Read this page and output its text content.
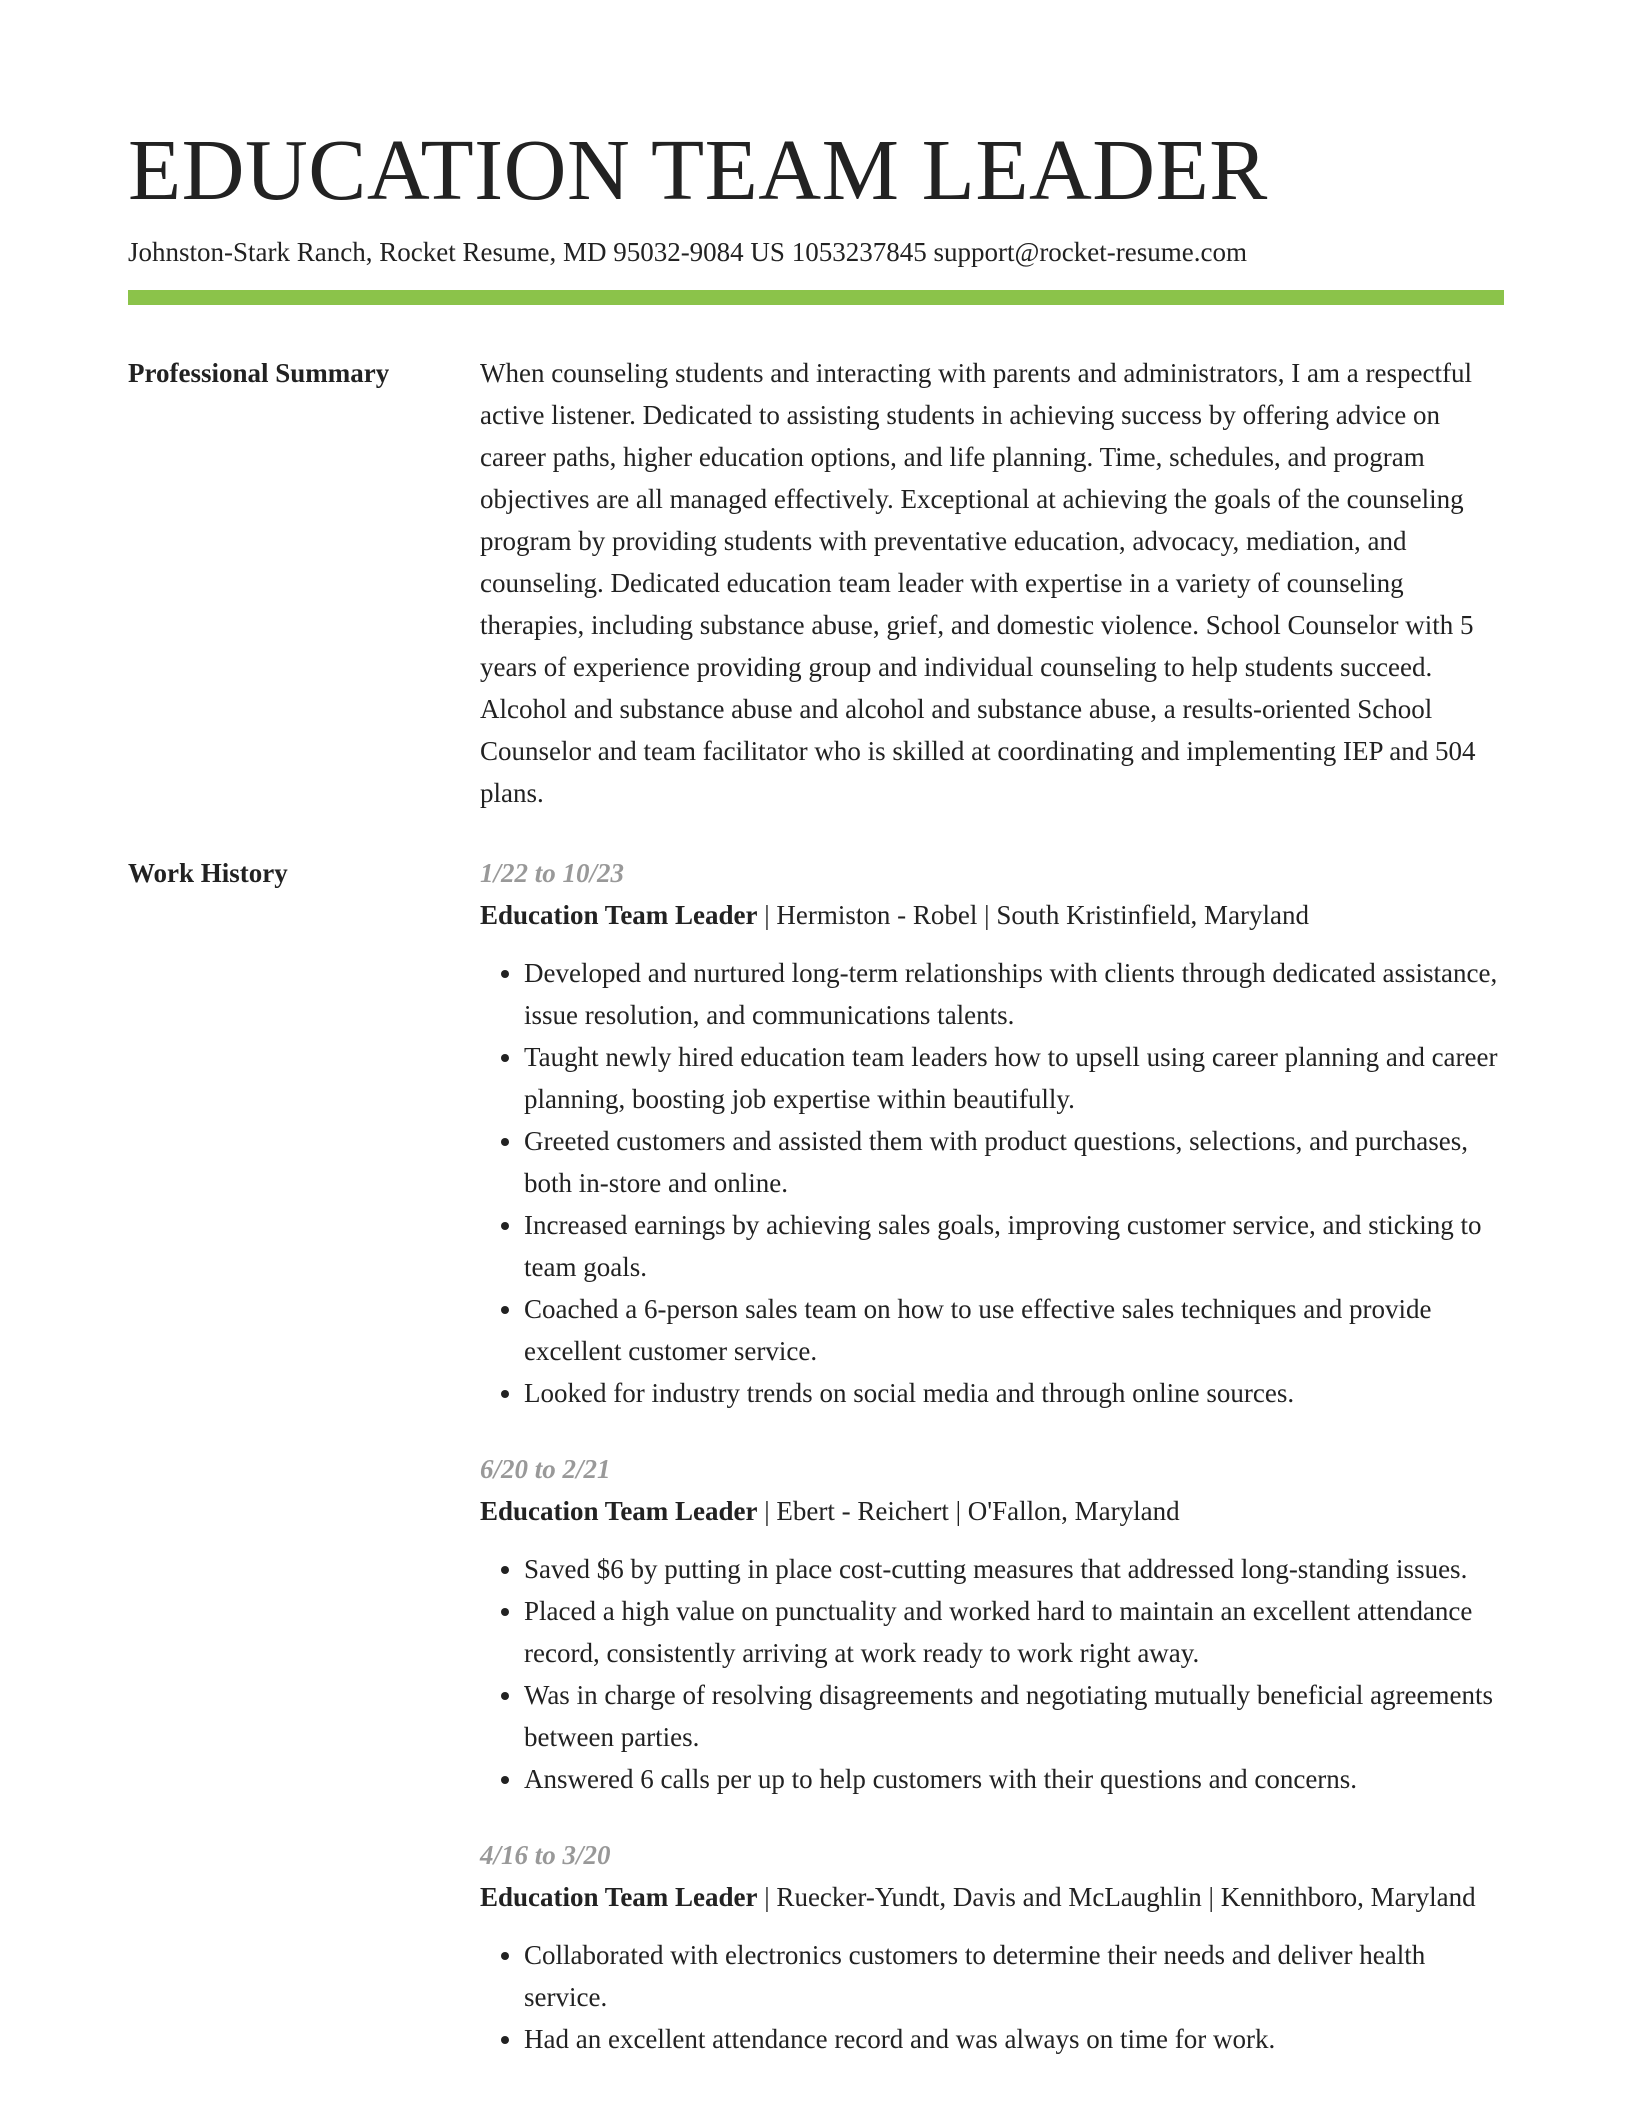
EDUCATION TEAM LEADER
Johnston-Stark Ranch, Rocket Resume, MD 95032-9084 US 1053237845 support@rocket-resume.com
Professional Summary	When counseling students and interacting with parents and administrators, I am a respectful active listener. Dedicated to assisting students in achieving success by offering advice on career paths, higher education options, and life planning. Time, schedules, and program objectives are all managed effectively. Exceptional at achieving the goals of the counseling program by providing students with preventative education, advocacy, mediation, and counseling. Dedicated education team leader with expertise in a variety of counseling therapies, including substance abuse, grief, and domestic violence. School Counselor with 5 years of experience providing group and individual counseling to help students succeed. Alcohol and substance abuse and alcohol and substance abuse, a results-oriented School Counselor and team facilitator who is skilled at coordinating and implementing IEP and 504 plans.

Work History	1/22 to 10/23
Education Team Leader | Hermiston - Robel | South Kristinfield, Maryland
• Developed and nurtured long-term relationships with clients through dedicated assistance, issue resolution, and communications talents.
• Taught newly hired education team leaders how to upsell using career planning and career planning, boosting job expertise within beautifully.
• Greeted customers and assisted them with product questions, selections, and purchases, both in-store and online.
• Increased earnings by achieving sales goals, improving customer service, and sticking to team goals.
• Coached a 6-person sales team on how to use effective sales techniques and provide excellent customer service.
• Looked for industry trends on social media and through online sources.
6/20 to 2/21
Education Team Leader | Ebert - Reichert | O'Fallon, Maryland
• Saved $6 by putting in place cost-cutting measures that addressed long-standing issues.
• Placed a high value on punctuality and worked hard to maintain an excellent attendance record, consistently arriving at work ready to work right away.
• Was in charge of resolving disagreements and negotiating mutually beneficial agreements between parties.
• Answered 6 calls per up to help customers with their questions and concerns.
4/16 to 3/20
Education Team Leader | Ruecker-Yundt, Davis and McLaughlin | Kennithboro, Maryland
• Collaborated with electronics customers to determine their needs and deliver health service.
• Had an excellent attendance record and was always on time for work.
